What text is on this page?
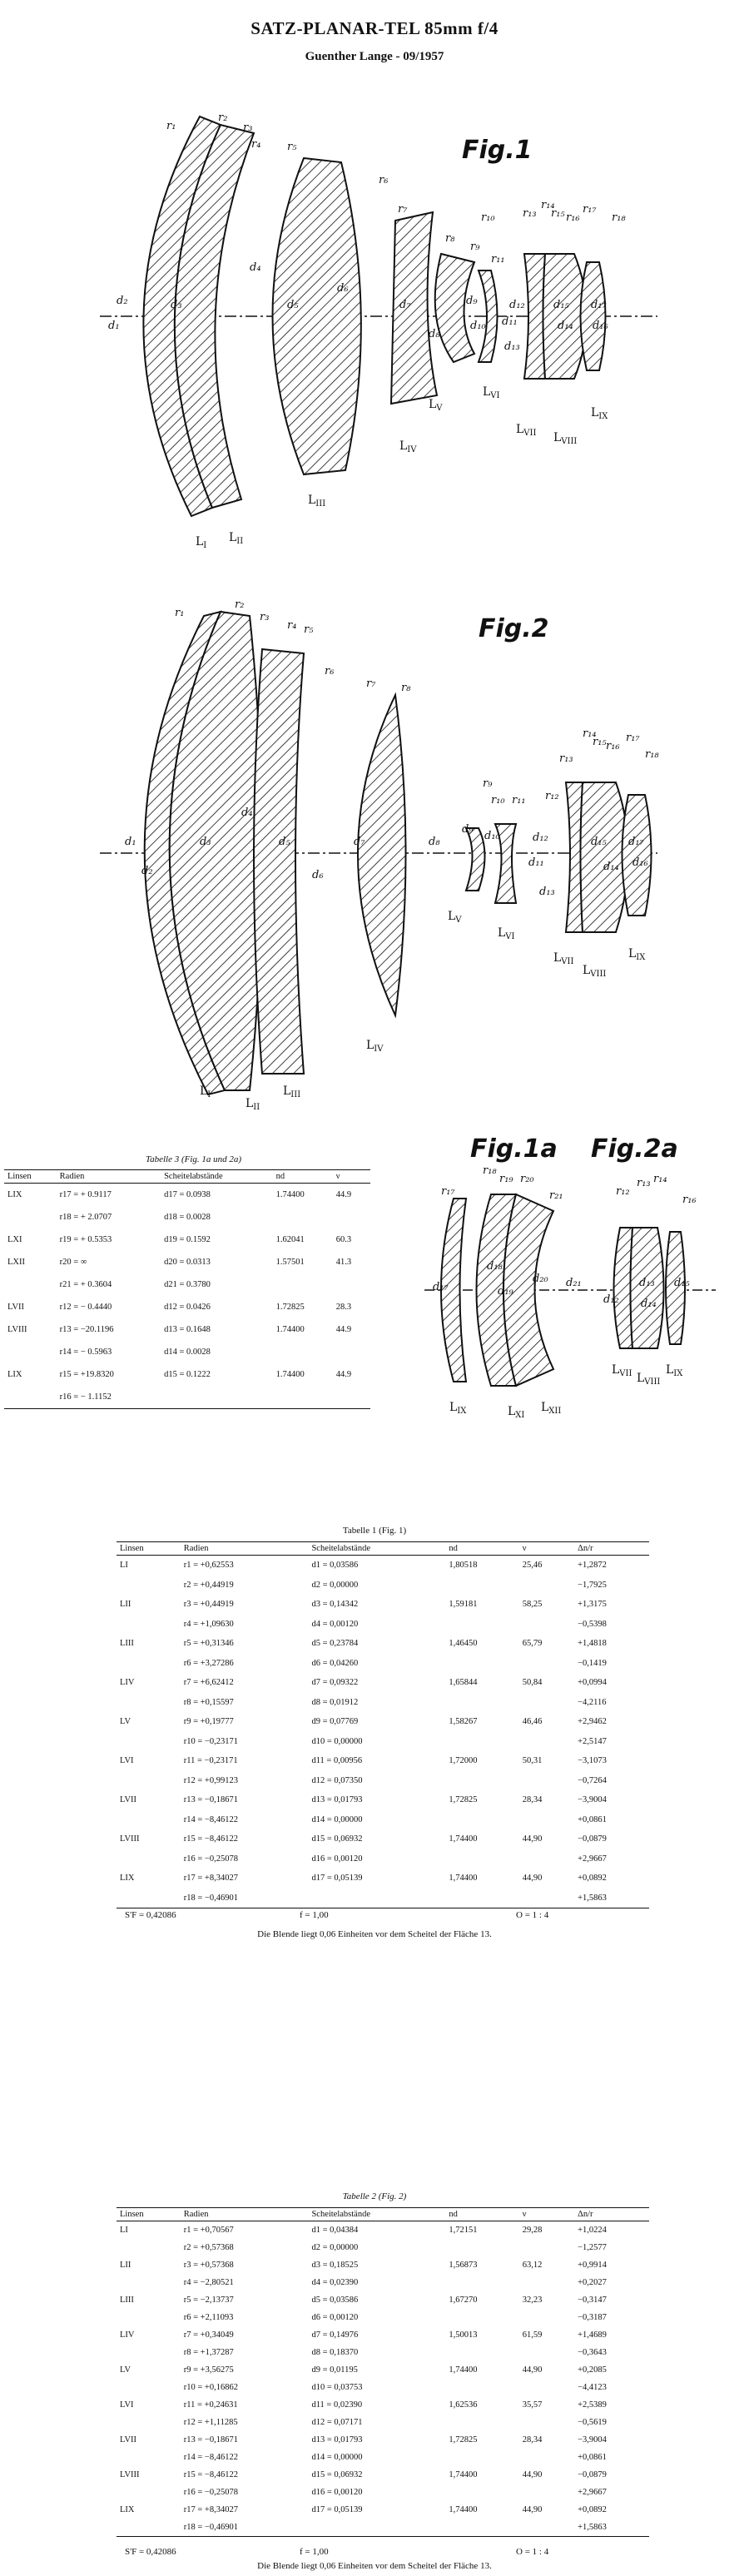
SATZ-PLANAR-TEL 85mm f/4
Guenther Lange - 09/1957
Fig.1
r₁
r₂
r₃
r₄ r₅
r₆
r₇
r₈
r₉
r₁₀
r₁₁
r₁₃
r₁₄
r₁₅ r₁₆
r₁₇
r₁₈
d₂
d₁
d₃
d₄
d₅
d₆
d₇
d₈
d₉
d₁₀ d₁₁
d₁₂
d₁₃
d₁₅
d₁₄
d₁₇
d₁₆
$L_I$
$L_{II}$
$L_{III}$
$L_{IV}$
$L_V$
$L_{VI}$
$L_{VII}$ $L_{VIII}$
$L_{IX}$
Fig.2
r₁
r₂
r₃
r₄ r₅
r₆
r₇ r₈
r₉
r₁₀ r₁₁ r₁₂
r₁₃
r₁₄
r₁₅ r₁₆
r₁₇
r₁₈
d₁
d₂
d₃
d₄
d₅
d₆
d₇	d₈
d₉
d₁₀
d₁₁
d₁₂
d₁₃
d₁₅
d₁₄
d₁₇
d₁₆
$L_I$
$L_{II}$
$L_{III}$
$L_{IV}$
$L_V$
$L_{VI}$
$L_{VII}$
$L_{VIII}$
$L_{IX}$
Fig.1a Fig.2a
r₁₇
r₁₈
r₁₉ r₂₀
r₂₁
d₁₇
d₁₈
d₁₉
d₂₀ d₂₁
r₁₂
r₁₃ r₁₄
r₁₆
d₁₂
d₁₃
d₁₄
d₁₅
$L_{IX}$	$L_{XI}$
$L_{XII}$
$L_{VII}$ $L_{VIII}$
$L_{IX}$
Tabelle 3 (Fig. 1a und 2a)
Linsen	Radien	Scheitelabstände	nd	ν
LIX	r17 = + 0.9117	d17 = 0.0938	1.74400	44.9
	r18 = + 2.0707	d18 = 0.0028		
LXI	r19 = + 0.5353	d19 = 0.1592	1.62041	60.3
LXII	r20 = ∞	d20 = 0.0313	1.57501	41.3
	r21 = + 0.3604	d21 = 0.3780		
LVII	r12 = − 0.4440	d12 = 0.0426	1.72825	28.3
LVIII	r13 = −20.1196	d13 = 0.1648	1.74400	44.9
	r14 = − 0.5963	d14 = 0.0028		
LIX	r15 = +19.8320	d15 = 0.1222	1.74400	44.9
	r16 = − 1.1152			
Tabelle 1 (Fig. 1)
Linsen	Radien	Scheitelabstände	nd	ν	Δn/r
LI	r1 = +0,62553	d1 = 0,03586	1,80518	25,46	+1,2872
	r2 = +0,44919	d2 = 0,00000			−1,7925
LII	r3 = +0,44919	d3 = 0,14342	1,59181	58,25	+1,3175
	r4 = +1,09630	d4 = 0,00120			−0,5398
LIII	r5 = +0,31346	d5 = 0,23784	1,46450	65,79	+1,4818
	r6 = +3,27286	d6 = 0,04260			−0,1419
LIV	r7 = +6,62412	d7 = 0,09322	1,65844	50,84	+0,0994
	r8 = +0,15597	d8 = 0,01912			−4,2116
LV	r9 = +0,19777	d9 = 0,07769	1,58267	46,46	+2,9462
	r10 = −0,23171	d10 = 0,00000			+2,5147
LVI	r11 = −0,23171	d11 = 0,00956	1,72000	50,31	−3,1073
	r12 = +0,99123	d12 = 0,07350			−0,7264
LVII	r13 = −0,18671	d13 = 0,01793	1,72825	28,34	−3,9004
	r14 = −8,46122	d14 = 0,00000			+0,0861
LVIII	r15 = −8,46122	d15 = 0,06932	1,74400	44,90	−0,0879
	r16 = −0,25078	d16 = 0,00120			+2,9667
LIX	r17 = +8,34027	d17 = 0,05139	1,74400	44,90	+0,0892
	r18 = −0,46901				+1,5863
S'F = 0,42086	f = 1,00	O = 1 : 4
Die Blende liegt 0,06 Einheiten vor dem Scheitel der Fläche 13.
Tabelle 2 (Fig. 2)
Linsen	Radien	Scheitelabstände	nd	ν	Δn/r
LI	r1 = +0,70567	d1 = 0,04384	1,72151	29,28	+1,0224
	r2 = +0,57368	d2 = 0,00000			−1,2577
LII	r3 = +0,57368	d3 = 0,18525	1,56873	63,12	+0,9914
	r4 = −2,80521	d4 = 0,02390			+0,2027
LIII	r5 = −2,13737	d5 = 0,03586	1,67270	32,23	−0,3147
	r6 = +2,11093	d6 = 0,00120			−0,3187
LIV	r7 = +0,34049	d7 = 0,14976	1,50013	61,59	+1,4689
	r8 = +1,37287	d8 = 0,18370			−0,3643
LV	r9 = +3,56275	d9 = 0,01195	1,74400	44,90	+0,2085
	r10 = +0,16862	d10 = 0,03753			−4,4123
LVI	r11 = +0,24631	d11 = 0,02390	1,62536	35,57	+2,5389
	r12 = +1,11285	d12 = 0,07171			−0,5619
LVII	r13 = −0,18671	d13 = 0,01793	1,72825	28,34	−3,9004
	r14 = −8,46122	d14 = 0,00000			+0,0861
LVIII	r15 = −8,46122	d15 = 0,06932	1,74400	44,90	−0,0879
	r16 = −0,25078	d16 = 0,00120			+2,9667
LIX	r17 = +8,34027	d17 = 0,05139	1,74400	44,90	+0,0892
	r18 = −0,46901				+1,5863
S'F = 0,42086	f = 1,00	O = 1 : 4
Die Blende liegt 0,06 Einheiten vor dem Scheitel der Fläche 13.
